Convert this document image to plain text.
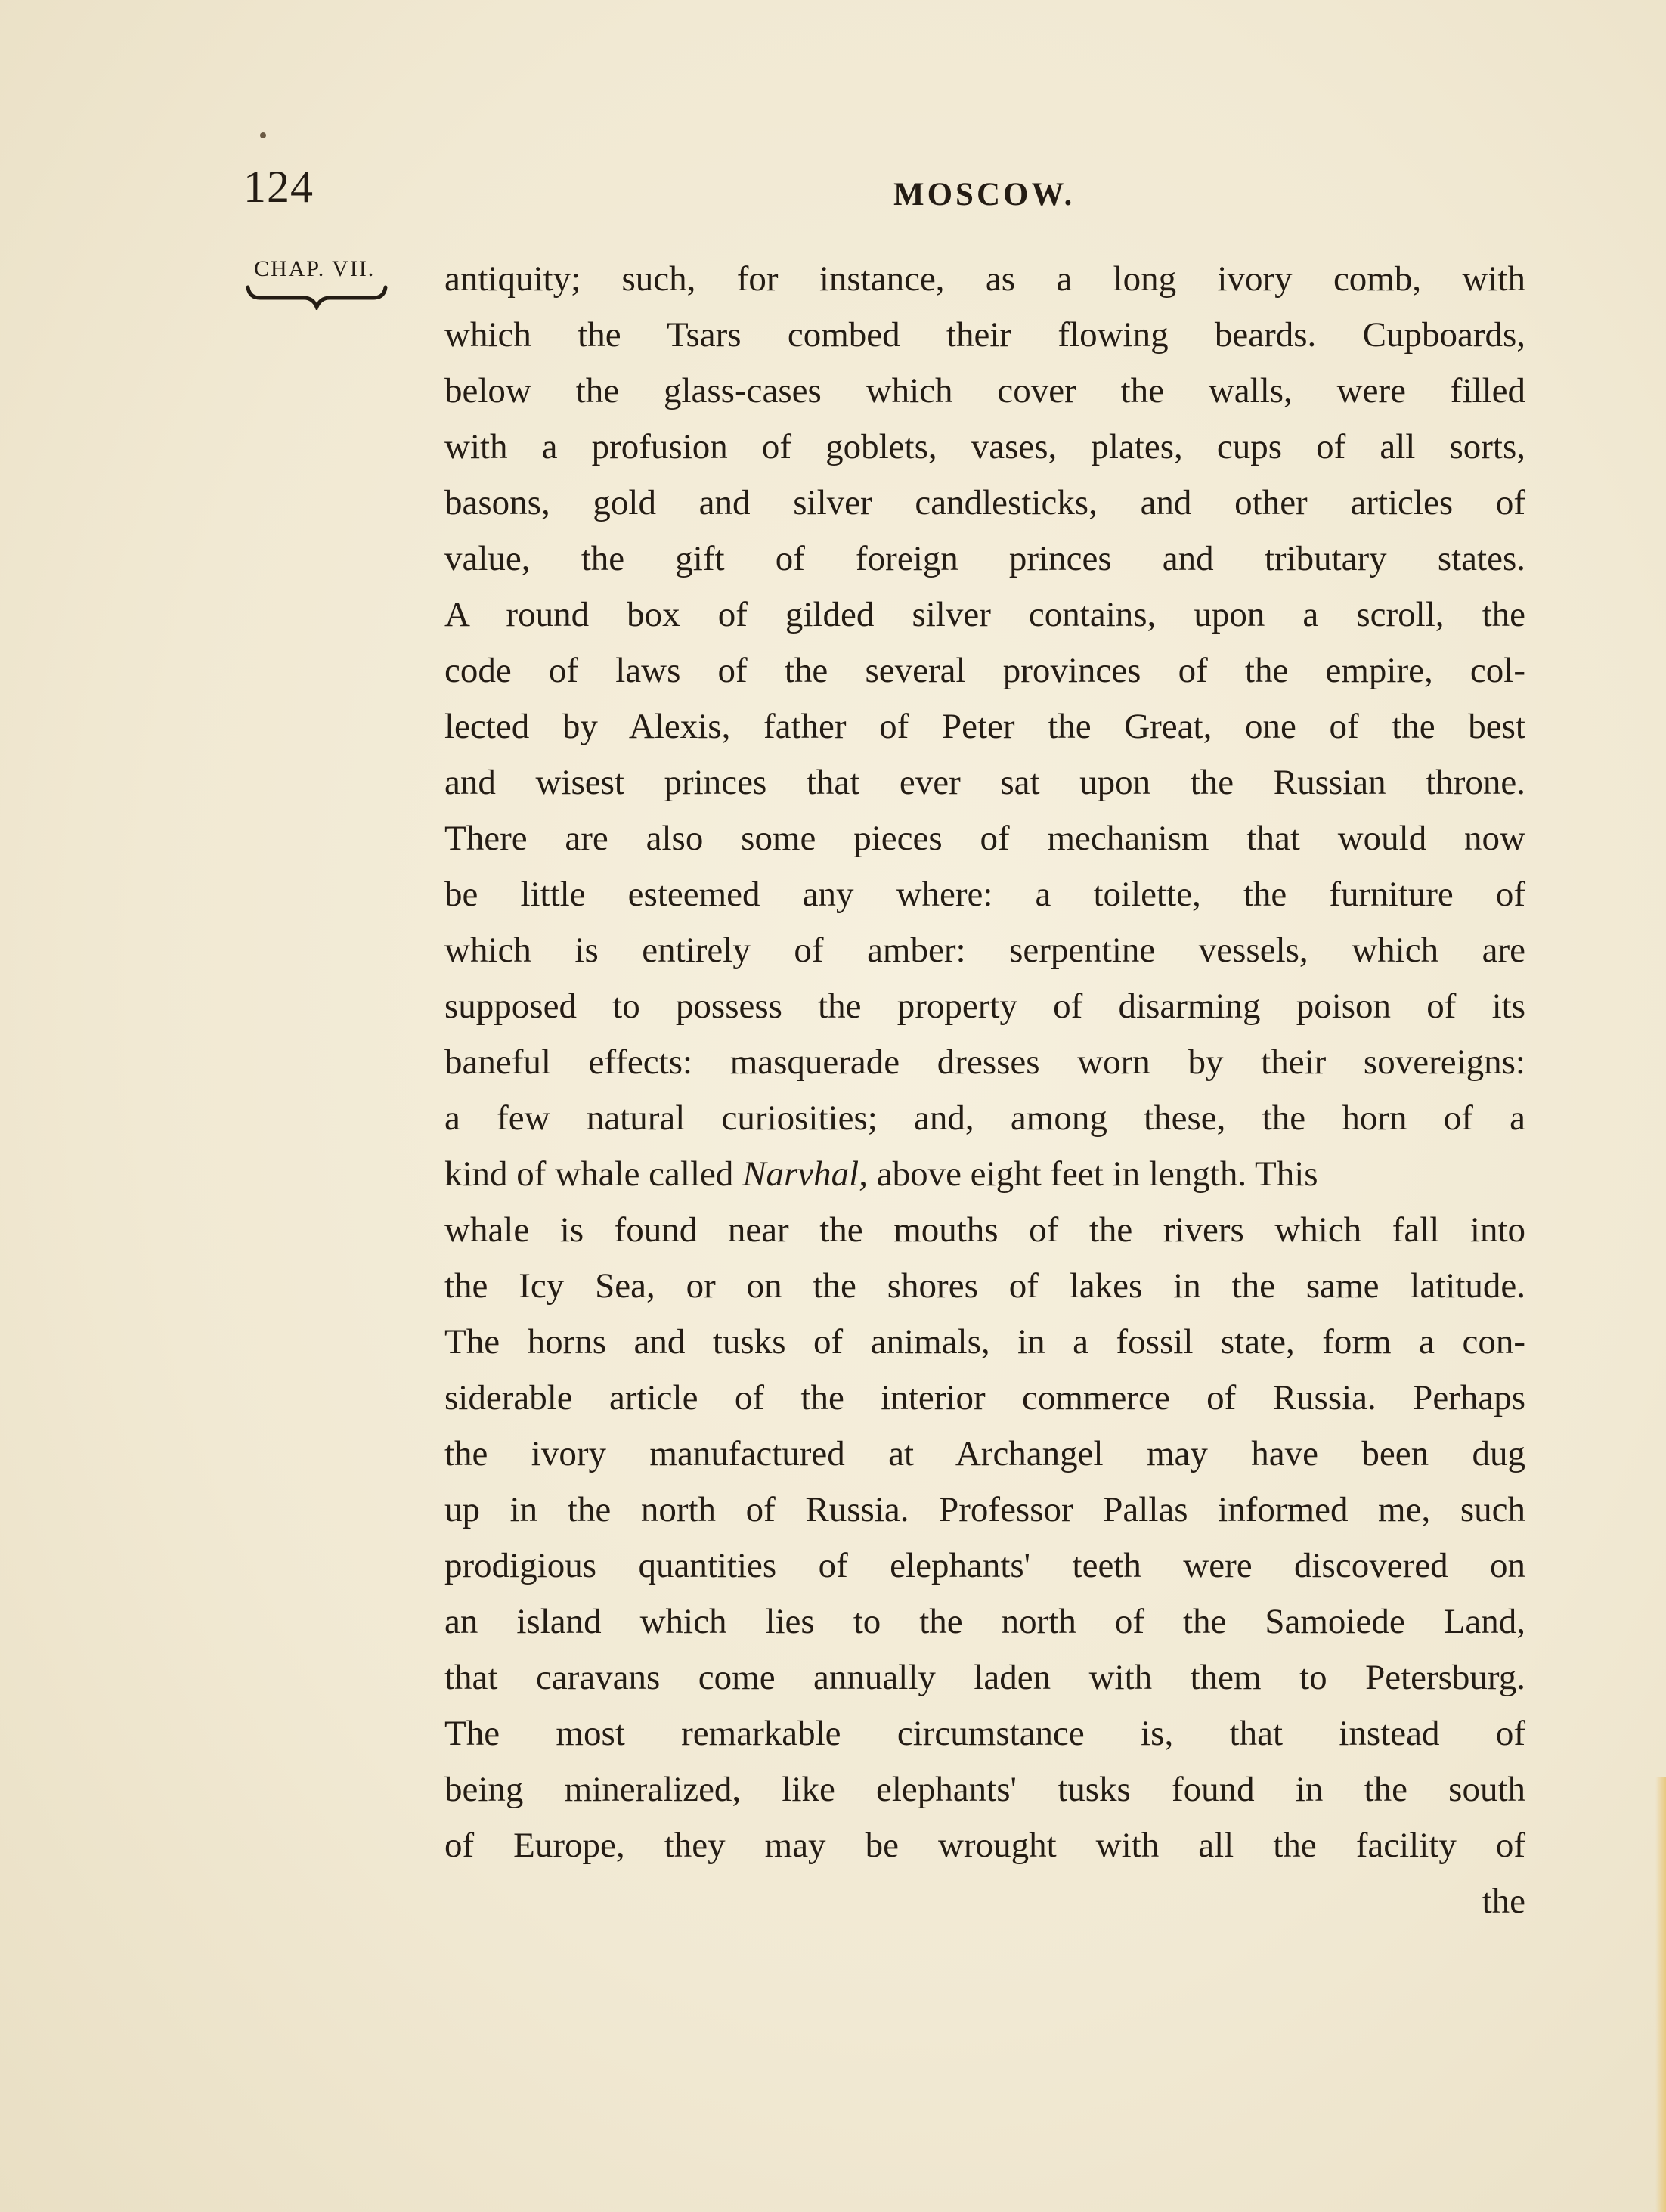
124	MOSCOW.
CHAP. VII.	antiquity; such, for instance, as a long ivory comb, with
which the Tsars combed their flowing beards. Cupboards,
below the glass-cases which cover the walls, were filled
with a profusion of goblets, vases, plates, cups of all sorts,
basons, gold and silver candlesticks, and other articles of
value, the gift of foreign princes and tributary states.
A round box of gilded silver contains, upon a scroll, the
code of laws of the several provinces of the empire, col-
lected by Alexis, father of Peter the Great, one of the best
and wisest princes that ever sat upon the Russian throne.
There are also some pieces of mechanism that would now
be little esteemed any where: a toilette, the furniture of
which is entirely of amber: serpentine vessels, which are
supposed to possess the property of disarming poison of its
baneful effects: masquerade dresses worn by their sovereigns:
a few natural curiosities; and, among these, the horn of a
kind of whale called Narvhal, above eight feet in length. This
whale is found near the mouths of the rivers which fall into
the Icy Sea, or on the shores of lakes in the same latitude.
The horns and tusks of animals, in a fossil state, form a con-
siderable article of the interior commerce of Russia. Perhaps
the ivory manufactured at Archangel may have been dug
up in the north of Russia. Professor Pallas informed me, such
prodigious quantities of elephants' teeth were discovered on
an island which lies to the north of the Samoiede Land,
that caravans come annually laden with them to Petersburg.
The most remarkable circumstance is, that instead of
being mineralized, like elephants' tusks found in the south
of Europe, they may be wrought with all the facility of
the
